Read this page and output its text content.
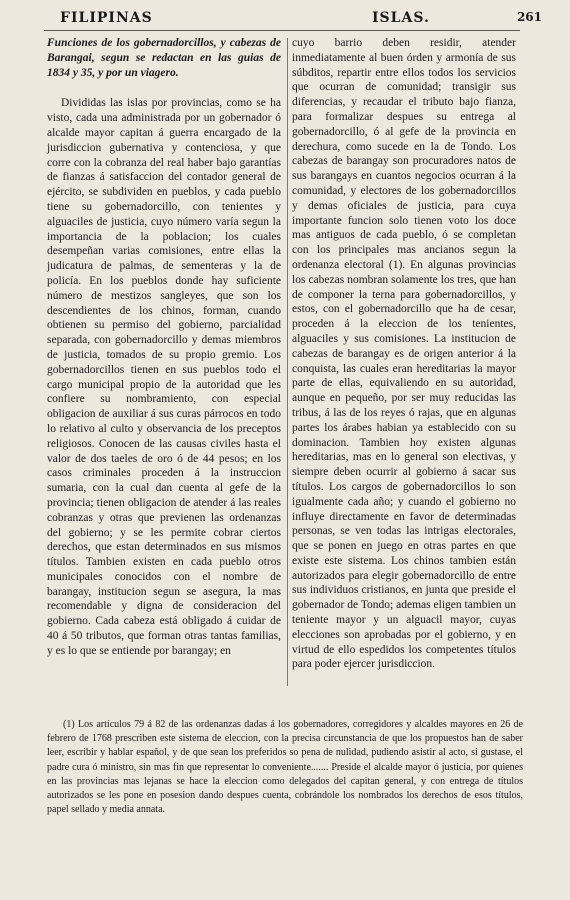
FILIPINAS	ISLAS.	261

Funciones de los gobernadorcillos, y cabezas de Barangai, segun se redactan en las guias de 1834 y 35, y por un viagero.

Divididas las islas por provincias, como se ha visto, cada una administrada por un gobernador ó alcalde mayor capitan á guerra encargado de la jurisdiccion gubernativa y contenciosa, y que corre con la cobranza del real haber bajo garantías de fianzas á satisfaccion del contador general de ejército, se subdividen en pueblos, y cada pueblo tiene su gobernadorcillo, con tenientes y alguaciles de justicia, cuyo número varía segun la importancia de la poblacion; los cuales desempeñan varias comisiones, entre ellas la judicatura de palmas, de sementeras y la de policía. En los pueblos donde hay suficiente número de mestizos sangleyes, que son los descendientes de los chinos, forman, cuando obtienen su permiso del gobierno, parcialidad separada, con gobernadorcillo y demas miembros de justicia, tomados de su propio gremio. Los gobernadorcillos tienen en sus pueblos todo el cargo municipal propio de la autoridad que les confiere su nombramiento, con especial obligacion de auxiliar á sus curas párrocos en todo lo relativo al culto y observancia de los preceptos religiosos. Conocen de las causas civiles hasta el valor de dos taeles de oro ó de 44 pesos; en los casos criminales proceden á la instruccion sumaria, con la cual dan cuenta al gefe de la provincia; tienen obligacion de atender á las reales cobranzas y otras que previenen las ordenanzas del gobierno; y se les permite cobrar ciertos derechos, que estan determinados en sus mismos títulos. Tambien existen en cada pueblo otros municipales conocidos con el nombre de barangay, institucion segun se asegura, la mas recomendable y digna de consideracion del gobierno. Cada cabeza está obligado á cuidar de 40 á 50 tributos, que forman otras tantas familias, y es lo que se entiende por barangay; en

cuyo barrio deben residir, atender inmediatamente al buen órden y armonía de sus súbditos, repartir entre ellos todos los servicios que ocurran de comunidad; transigir sus diferencias, y recaudar el tributo bajo fianza, para formalizar despues su entrega al gobernadorcillo, ó al gefe de la provincia en derechura, como sucede en la de Tondo. Los cabezas de barangay son procuradores natos de sus barangays en cuantos negocios ocurran á la comunidad, y electores de los gobernadorcillos y demas oficiales de justicia, para cuya importante funcion solo tienen voto los doce mas antiguos de cada pueblo, ó se completan con los principales mas ancianos segun la ordenanza electoral (1). En algunas provincias los cabezas nombran solamente los tres, que han de componer la terna para gobernadorcillos, y estos, con el gobernadorcillo que ha de cesar, proceden á la eleccion de los tenientes, alguaciles y sus comisiones. La institucion de cabezas de barangay es de origen anterior á la conquista, las cuales eran hereditarias la mayor parte de ellas, equivaliendo en su autoridad, aunque en pequeño, por ser muy reducidas las tribus, á las de los reyes ó rajas, que en algunas partes los árabes habian ya establecido con su dominacion. Tambien hoy existen algunas hereditarias, mas en lo general son electivas, y siempre deben ocurrir al gobierno á sacar sus títulos. Los cargos de gobernadorcillos lo son igualmente cada año; y cuando el gobierno no influye directamente en favor de determinadas personas, se ven todas las intrigas electorales, que se ponen en juego en otras partes en que existe este sistema. Los chinos tambien están autorizados para elegir gobernadorcillo de entre sus individuos cristianos, en junta que preside el gobernador de Tondo; ademas eligen tambien un teniente mayor y un alguacil mayor, cuyas elecciones son aprobadas por el gobierno, y en virtud de ello espedidos los competentes títulos para poder ejercer jurisdiccion.

(1) Los artículos 79 á 82 de las ordenanzas dadas á los gobernadores, corregidores y alcaldes mayores en 26 de febrero de 1768 prescriben este sistema de eleccion, con la precisa circunstancia de que los propuestos han de saber leer, escribir y hablar español, y de que sean los preferidos so pena de nulidad, pudiendo asistir al acto, si gustase, el padre cura ó ministro, sin mas fin que representar lo conveniente....... Preside el alcalde mayor ó justicia, por quienes en las provincias mas lejanas se hace la eleccion como delegados del capitan general, y con entrega de títulos autorizados se les pone en posesion dando despues cuenta, cobrándole los nombrados los derechos de esos títulos, papel sellado y media annata.
